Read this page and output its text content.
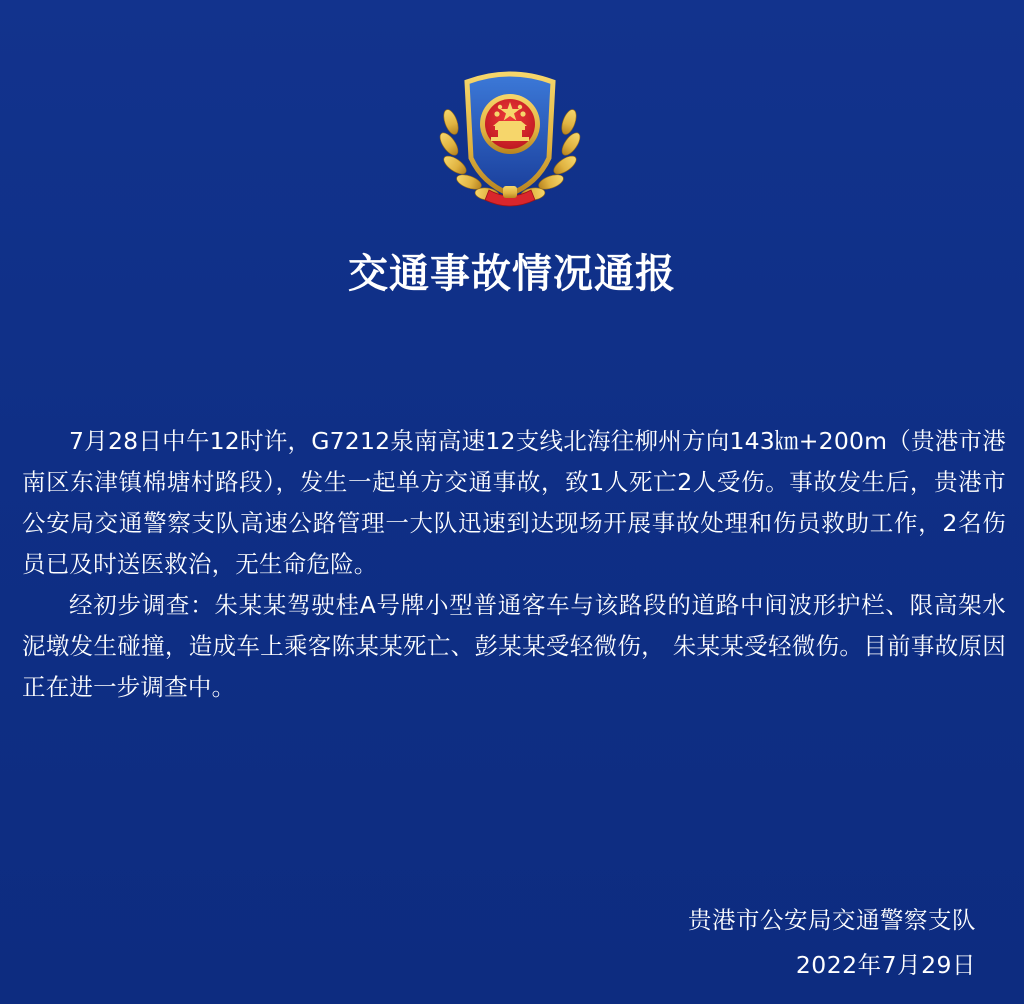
交通事故情况通报

7月28日中午12时许，G7212泉南高速12支线北海往柳州方向143㎞+200m（贵港市港南区东津镇棉塘村路段），发生一起单方交通事故，致1人死亡2人受伤。事故发生后，贵港市公安局交通警察支队高速公路管理一大队迅速到达现场开展事故处理和伤员救助工作，2名伤员已及时送医救治，无生命危险。

经初步调查：朱某某驾驶桂A号牌小型普通客车与该路段的道路中间波形护栏、限高架水泥墩发生碰撞，造成车上乘客陈某某死亡、彭某某受轻微伤， 朱某某受轻微伤。目前事故原因正在进一步调查中。

贵港市公安局交通警察支队
2022年7月29日
